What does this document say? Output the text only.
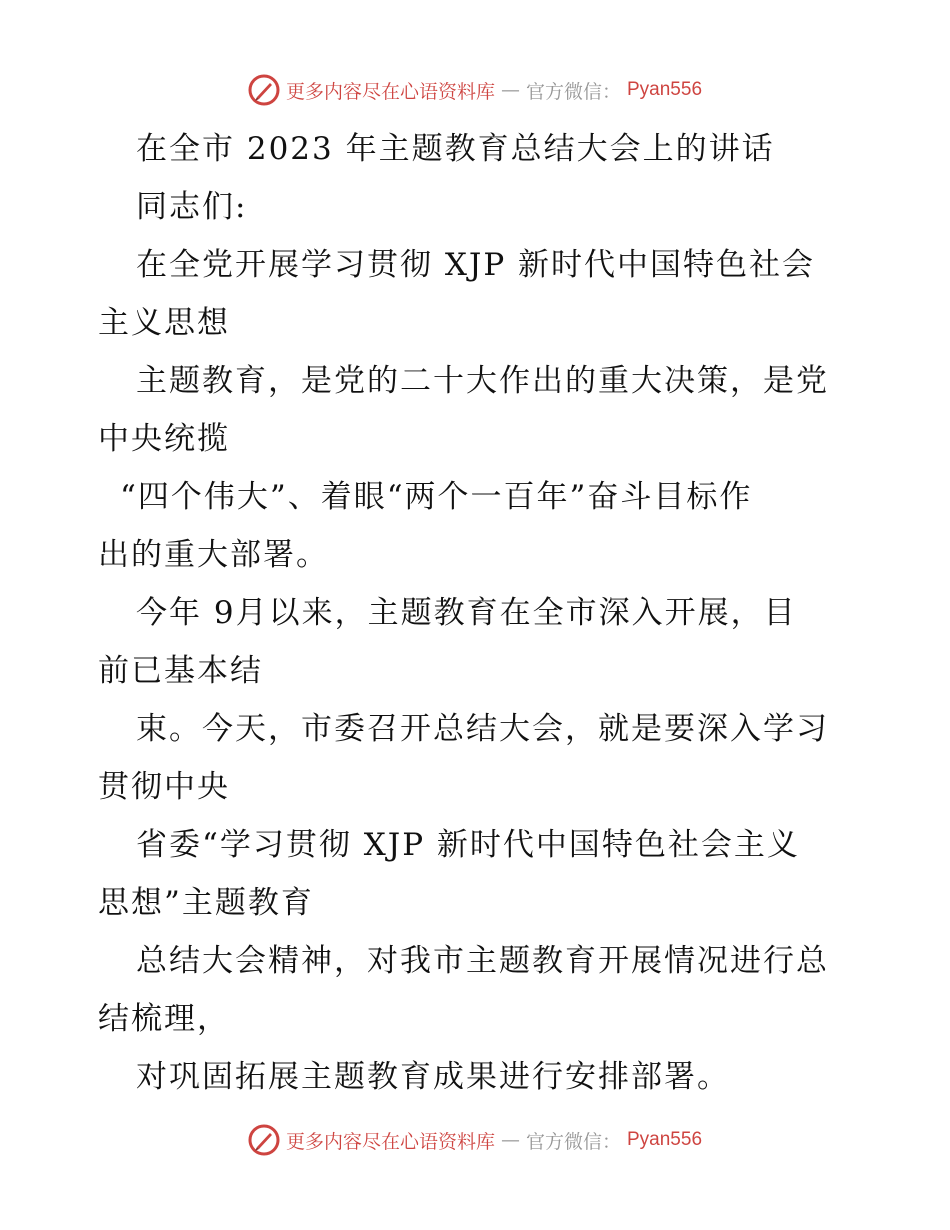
更多内容尽在心语资料库 — 官方微信： Pyan556
在全市 2023 年主题教育总结大会上的讲话
同志们:
在全党开展学习贯彻 XJP 新时代中国特色社会
主义思想
主题教育，是党的二十大作出的重大决策，是党
中央统揽
“四个伟大”、着眼“两个一百年”奋斗目标作
出的重大部署。
今年 9月以来，主题教育在全市深入开展，目
前已基本结
束。今天，市委召开总结大会，就是要深入学习
贯彻中央
省委“学习贯彻 XJP 新时代中国特色社会主义
思想”主题教育
总结大会精神，对我市主题教育开展情况进行总
结梳理，
对巩固拓展主题教育成果进行安排部署。
更多内容尽在心语资料库 — 官方微信： Pyan556
